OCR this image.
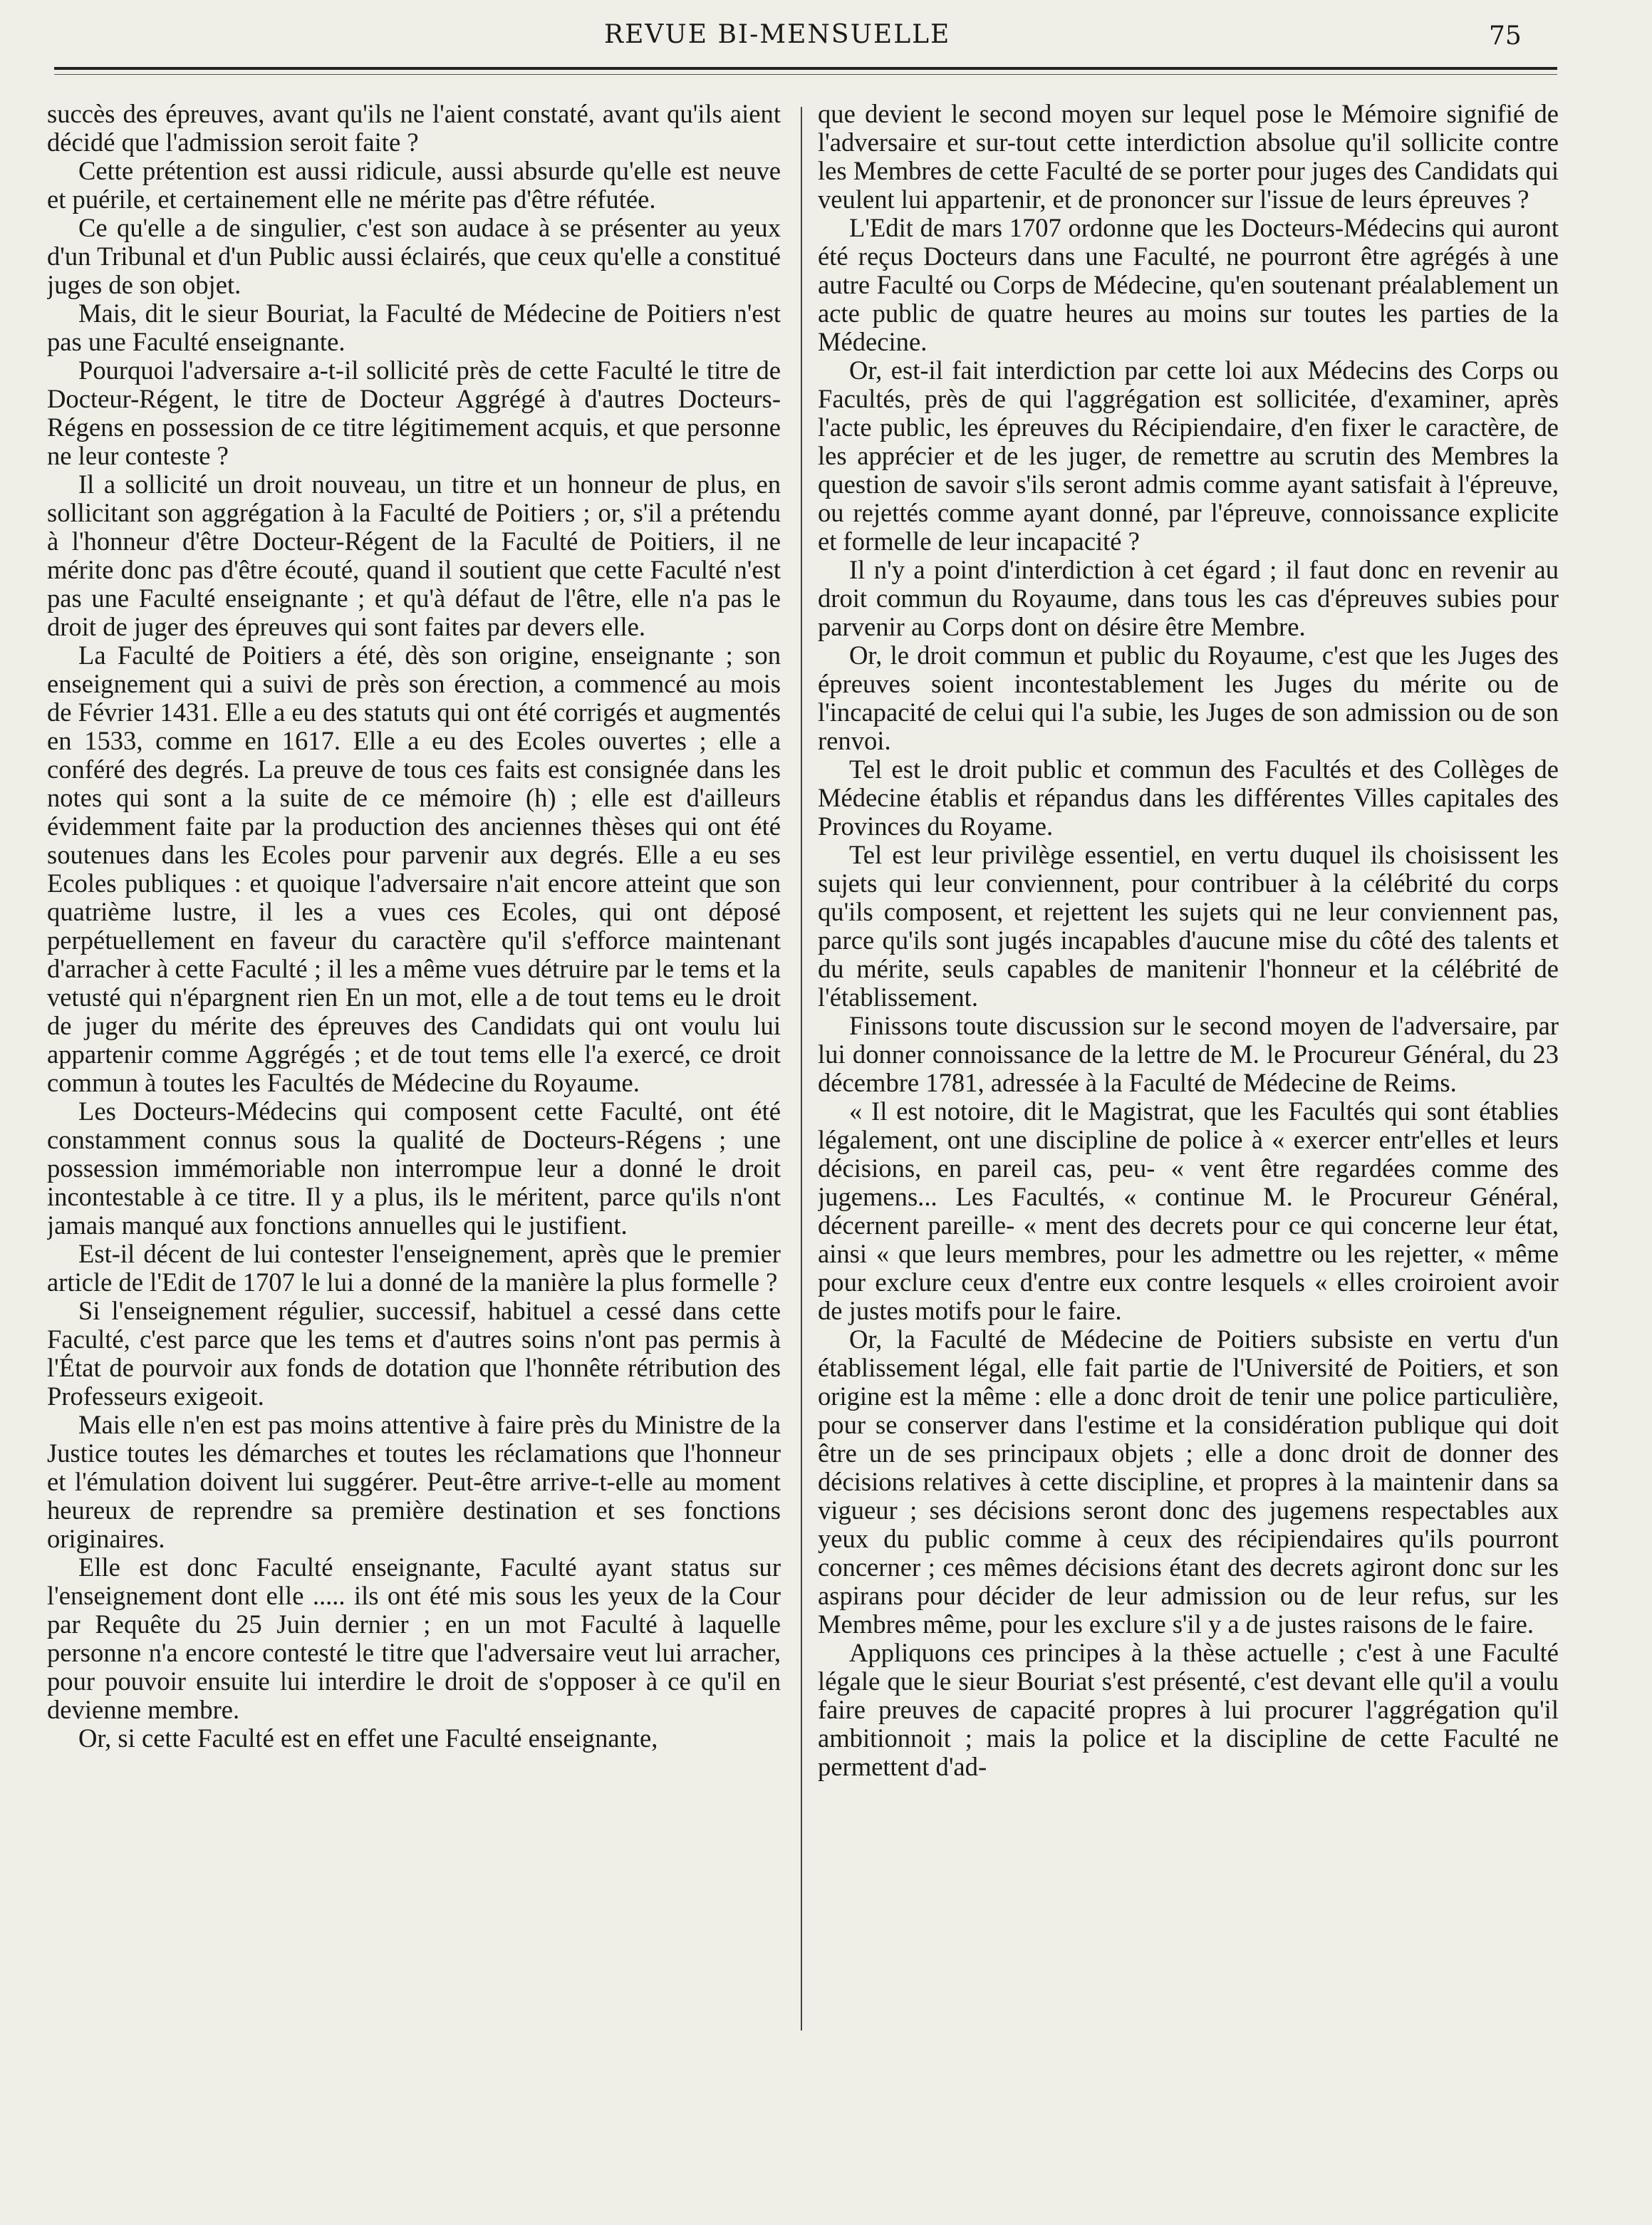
REVUE BI-MENSUELLE	75

succès des épreuves, avant qu'ils ne l'aient constaté, avant qu'ils aient décidé que l'admission seroit faite ?

Cette prétention est aussi ridicule, aussi absurde qu'elle est neuve et puérile, et certainement elle ne mérite pas d'être réfutée.

Ce qu'elle a de singulier, c'est son audace à se présenter au yeux d'un Tribunal et d'un Public aussi éclairés, que ceux qu'elle a constitué juges de son objet.

Mais, dit le sieur Bouriat, la Faculté de Médecine de Poitiers n'est pas une Faculté enseignante.

Pourquoi l'adversaire a-t-il sollicité près de cette Faculté le titre de Docteur-Régent, le titre de Docteur Aggrégé à d'autres Docteurs-Régens en possession de ce titre légitimement acquis, et que personne ne leur conteste ?

Il a sollicité un droit nouveau, un titre et un honneur de plus, en sollicitant son aggrégation à la Faculté de Poitiers ; or, s'il a prétendu à l'honneur d'être Docteur-Régent de la Faculté de Poitiers, il ne mérite donc pas d'être écouté, quand il soutient que cette Faculté n'est pas une Faculté enseignante ; et qu'à défaut de l'être, elle n'a pas le droit de juger des épreuves qui sont faites par devers elle.

La Faculté de Poitiers a été, dès son origine, enseignante ; son enseignement qui a suivi de près son érection, a commencé au mois de Février 1431. Elle a eu des statuts qui ont été corrigés et augmentés en 1533, comme en 1617. Elle a eu des Ecoles ouvertes ; elle a conféré des degrés. La preuve de tous ces faits est consignée dans les notes qui sont a la suite de ce mémoire (h) ; elle est d'ailleurs évidemment faite par la production des anciennes thèses qui ont été soutenues dans les Ecoles pour parvenir aux degrés. Elle a eu ses Ecoles publiques : et quoique l'adversaire n'ait encore atteint que son quatrième lustre, il les a vues ces Ecoles, qui ont déposé perpétuellement en faveur du caractère qu'il s'efforce maintenant d'arracher à cette Faculté ; il les a même vues détruire par le tems et la vetusté qui n'épargnent rien En un mot, elle a de tout tems eu le droit de juger du mérite des épreuves des Candidats qui ont voulu lui appartenir comme Aggrégés ; et de tout tems elle l'a exercé, ce droit commun à toutes les Facultés de Médecine du Royaume.

Les Docteurs-Médecins qui composent cette Faculté, ont été constamment connus sous la qualité de Docteurs-Régens ; une possession immémoriable non interrompue leur a donné le droit incontestable à ce titre. Il y a plus, ils le méritent, parce qu'ils n'ont jamais manqué aux fonctions annuelles qui le justifient.

Est-il décent de lui contester l'enseignement, après que le premier article de l'Edit de 1707 le lui a donné de la manière la plus formelle ?

Si l'enseignement régulier, successif, habituel a cessé dans cette Faculté, c'est parce que les tems et d'autres soins n'ont pas permis à l'État de pourvoir aux fonds de dotation que l'honnête rétribution des Professeurs exigeoit.

Mais elle n'en est pas moins attentive à faire près du Ministre de la Justice toutes les démarches et toutes les réclamations que l'honneur et l'émulation doivent lui suggérer. Peut-être arrive-t-elle au moment heureux de reprendre sa première destination et ses fonctions originaires.

Elle est donc Faculté enseignante, Faculté ayant status sur l'enseignement dont elle ..... ils ont été mis sous les yeux de la Cour par Requête du 25 Juin dernier ; en un mot Faculté à laquelle personne n'a encore contesté le titre que l'adversaire veut lui arracher, pour pouvoir ensuite lui interdire le droit de s'opposer à ce qu'il en devienne membre.

Or, si cette Faculté est en effet une Faculté enseignante,

que devient le second moyen sur lequel pose le Mémoire signifié de l'adversaire et sur-tout cette interdiction absolue qu'il sollicite contre les Membres de cette Faculté de se porter pour juges des Candidats qui veulent lui appartenir, et de prononcer sur l'issue de leurs épreuves ?

L'Edit de mars 1707 ordonne que les Docteurs-Médecins qui auront été reçus Docteurs dans une Faculté, ne pourront être agrégés à une autre Faculté ou Corps de Médecine, qu'en soutenant préalablement un acte public de quatre heures au moins sur toutes les parties de la Médecine.

Or, est-il fait interdiction par cette loi aux Médecins des Corps ou Facultés, près de qui l'aggrégation est sollicitée, d'examiner, après l'acte public, les épreuves du Récipiendaire, d'en fixer le caractère, de les apprécier et de les juger, de remettre au scrutin des Membres la question de savoir s'ils seront admis comme ayant satisfait à l'épreuve, ou rejettés comme ayant donné, par l'épreuve, connoissance explicite et formelle de leur incapacité ?

Il n'y a point d'interdiction à cet égard ; il faut donc en revenir au droit commun du Royaume, dans tous les cas d'épreuves subies pour parvenir au Corps dont on désire être Membre.

Or, le droit commun et public du Royaume, c'est que les Juges des épreuves soient incontestablement les Juges du mérite ou de l'incapacité de celui qui l'a subie, les Juges de son admission ou de son renvoi.

Tel est le droit public et commun des Facultés et des Collèges de Médecine établis et répandus dans les différentes Villes capitales des Provinces du Royame.

Tel est leur privilège essentiel, en vertu duquel ils choisissent les sujets qui leur conviennent, pour contribuer à la célébrité du corps qu'ils composent, et rejettent les sujets qui ne leur conviennent pas, parce qu'ils sont jugés incapables d'aucune mise du côté des talents et du mérite, seuls capables de manitenir l'honneur et la célébrité de l'établissement.

Finissons toute discussion sur le second moyen de l'adversaire, par lui donner connoissance de la lettre de M. le Procureur Général, du 23 décembre 1781, adressée à la Faculté de Médecine de Reims.

« Il est notoire, dit le Magistrat, que les Facultés qui sont établies légalement, ont une discipline de police à « exercer entr'elles et leurs décisions, en pareil cas, peu- « vent être regardées comme des jugemens... Les Facultés, « continue M. le Procureur Général, décernent pareille- « ment des decrets pour ce qui concerne leur état, ainsi « que leurs membres, pour les admettre ou les rejetter, « même pour exclure ceux d'entre eux contre lesquels « elles croiroient avoir de justes motifs pour le faire.

Or, la Faculté de Médecine de Poitiers subsiste en vertu d'un établissement légal, elle fait partie de l'Université de Poitiers, et son origine est la même : elle a donc droit de tenir une police particulière, pour se conserver dans l'estime et la considération publique qui doit être un de ses principaux objets ; elle a donc droit de donner des décisions relatives à cette discipline, et propres à la maintenir dans sa vigueur ; ses décisions seront donc des jugemens respectables aux yeux du public comme à ceux des récipiendaires qu'ils pourront concerner ; ces mêmes décisions étant des decrets agiront donc sur les aspirans pour décider de leur admission ou de leur refus, sur les Membres même, pour les exclure s'il y a de justes raisons de le faire.

Appliquons ces principes à la thèse actuelle ; c'est à une Faculté légale que le sieur Bouriat s'est présenté, c'est devant elle qu'il a voulu faire preuves de capacité propres à lui procurer l'aggrégation qu'il ambitionnoit ; mais la police et la discipline de cette Faculté ne permettent d'ad-
